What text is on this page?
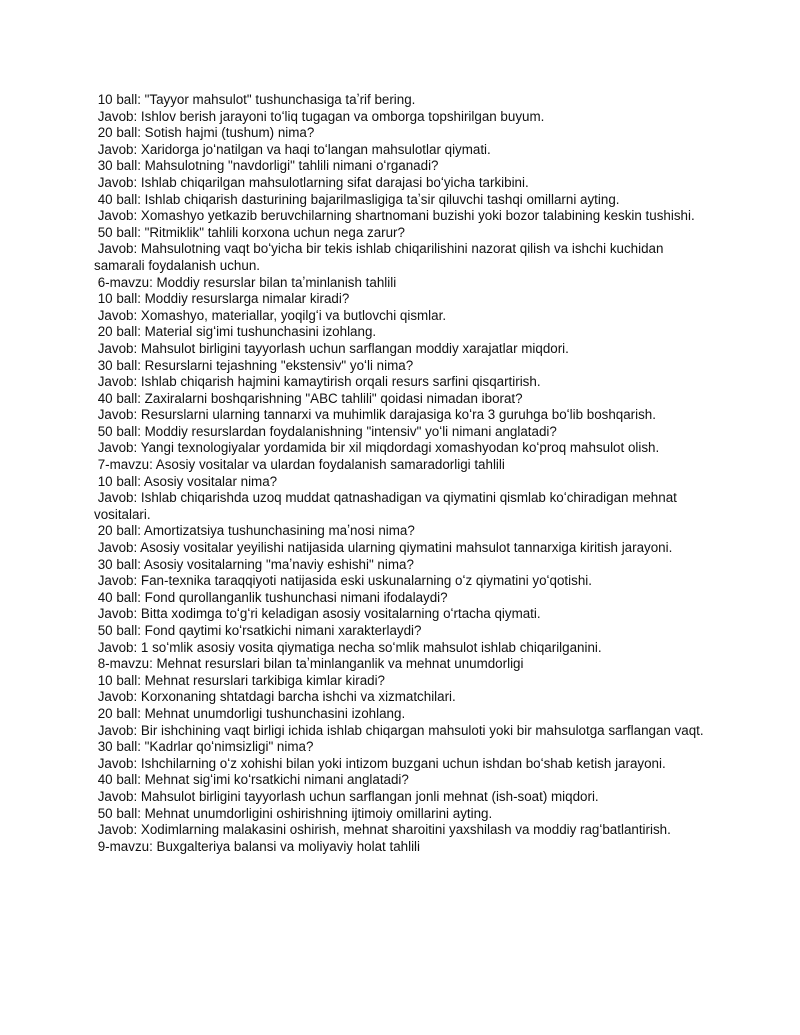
10 ball: "Tayyor mahsulot" tushunchasiga taʼrif bering.

Javob: Ishlov berish jarayoni toʻliq tugagan va omborga topshirilgan buyum.

20 ball: Sotish hajmi (tushum) nima?

Javob: Xaridorga joʻnatilgan va haqi toʻlangan mahsulotlar qiymati.

30 ball: Mahsulotning "navdorligi" tahlili nimani oʻrganadi?

Javob: Ishlab chiqarilgan mahsulotlarning sifat darajasi boʻyicha tarkibini.

40 ball: Ishlab chiqarish dasturining bajarilmasligiga taʼsir qiluvchi tashqi omillarni ayting.

Javob: Xomashyo yetkazib beruvchilarning shartnomani buzishi yoki bozor talabining keskin tushishi.

50 ball: "Ritmiklik" tahlili korxona uchun nega zarur?

Javob: Mahsulotning vaqt boʻyicha bir tekis ishlab chiqarilishini nazorat qilish va ishchi kuchidan samarali foydalanish uchun.

6-mavzu: Moddiy resurslar bilan taʼminlanish tahlili

10 ball: Moddiy resurslarga nimalar kiradi?

Javob: Xomashyo, materiallar, yoqilgʻi va butlovchi qismlar.

20 ball: Material sigʻimi tushunchasini izohlang.

Javob: Mahsulot birligini tayyorlash uchun sarflangan moddiy xarajatlar miqdori.

30 ball: Resurslarni tejashning "ekstensiv" yoʻli nima?

Javob: Ishlab chiqarish hajmini kamaytirish orqali resurs sarfini qisqartirish.

40 ball: Zaxiralarni boshqarishning "ABC tahlili" qoidasi nimadan iborat?

Javob: Resurslarni ularning tannarxi va muhimlik darajasiga koʻra 3 guruhga boʻlib boshqarish.

50 ball: Moddiy resurslardan foydalanishning "intensiv" yoʻli nimani anglatadi?

Javob: Yangi texnologiyalar yordamida bir xil miqdordagi xomashyodan koʻproq mahsulot olish.

7-mavzu: Asosiy vositalar va ulardan foydalanish samaradorligi tahlili

10 ball: Asosiy vositalar nima?

Javob: Ishlab chiqarishda uzoq muddat qatnashadigan va qiymatini qismlab koʻchiradigan mehnat vositalari.

20 ball: Amortizatsiya tushunchasining maʼnosi nima?

Javob: Asosiy vositalar yeyilishi natijasida ularning qiymatini mahsulot tannarxiga kiritish jarayoni.

30 ball: Asosiy vositalarning "maʼnaviy eshishi" nima?

Javob: Fan-texnika taraqqiyoti natijasida eski uskunalarning oʻz qiymatini yoʻqotishi.

40 ball: Fond qurollanganlik tushunchasi nimani ifodalaydi?

Javob: Bitta xodimga toʻgʻri keladigan asosiy vositalarning oʻrtacha qiymati.

50 ball: Fond qaytimi koʻrsatkichi nimani xarakterlaydi?

Javob: 1 soʻmlik asosiy vosita qiymatiga necha soʻmlik mahsulot ishlab chiqarilganini.

8-mavzu: Mehnat resurslari bilan taʼminlanganlik va mehnat unumdorligi

10 ball: Mehnat resurslari tarkibiga kimlar kiradi?

Javob: Korxonaning shtatdagi barcha ishchi va xizmatchilari.

20 ball: Mehnat unumdorligi tushunchasini izohlang.

Javob: Bir ishchining vaqt birligi ichida ishlab chiqargan mahsuloti yoki bir mahsulotga sarflangan vaqt.

30 ball: "Kadrlar qoʻnimsizligi" nima?

Javob: Ishchilarning oʻz xohishi bilan yoki intizom buzgani uchun ishdan boʻshab ketish jarayoni.

40 ball: Mehnat sigʻimi koʻrsatkichi nimani anglatadi?

Javob: Mahsulot birligini tayyorlash uchun sarflangan jonli mehnat (ish-soat) miqdori.

50 ball: Mehnat unumdorligini oshirishning ijtimoiy omillarini ayting.

Javob: Xodimlarning malakasini oshirish, mehnat sharoitini yaxshilash va moddiy ragʻbatlantirish.

9-mavzu: Buxgalteriya balansi va moliyaviy holat tahlili
